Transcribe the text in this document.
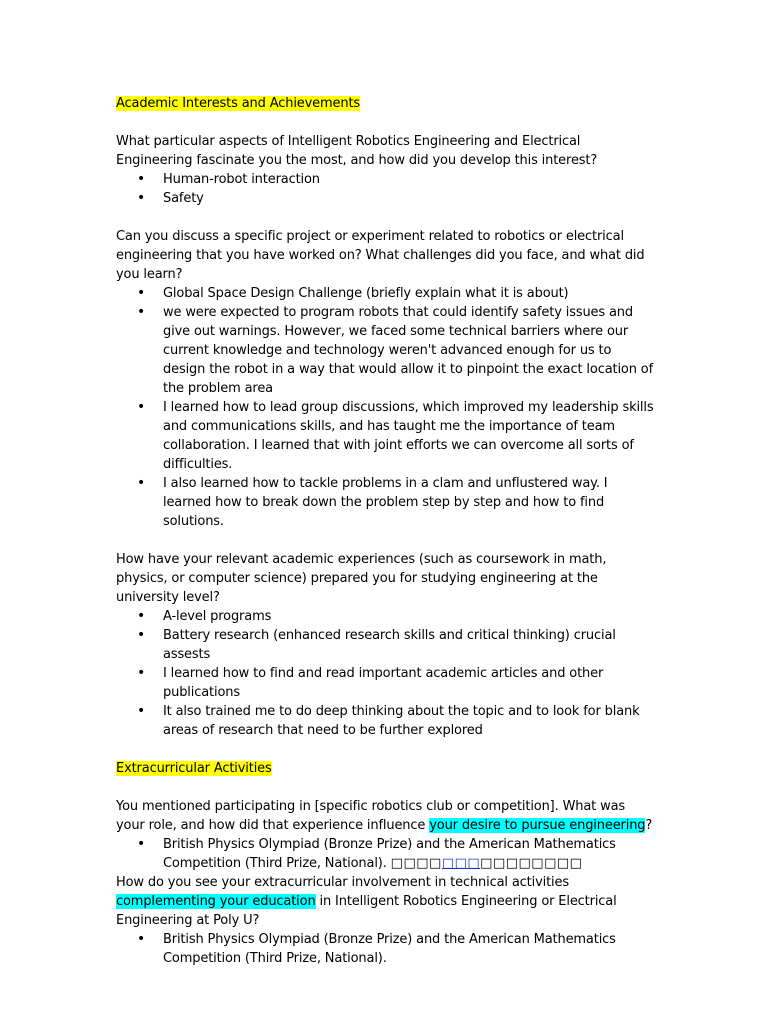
Academic Interests and Achievements

What particular aspects of Intelligent Robotics Engineering and Electrical Engineering fascinate you the most, and how did you develop this interest?

• Human-robot interaction
• Safety

Can you discuss a specific project or experiment related to robotics or electrical engineering that you have worked on? What challenges did you face, and what did you learn?

• Global Space Design Challenge (briefly explain what it is about)
• we were expected to program robots that could identify safety issues and give out warnings. However, we faced some technical barriers where our current knowledge and technology weren't advanced enough for us to design the robot in a way that would allow it to pinpoint the exact location of the problem area
• I learned how to lead group discussions, which improved my leadership skills and communications skills, and has taught me the importance of team collaboration. I learned that with joint efforts we can overcome all sorts of difficulties.
• I also learned how to tackle problems in a clam and unflustered way. I learned how to break down the problem step by step and how to find solutions.

How have your relevant academic experiences (such as coursework in math, physics, or computer science) prepared you for studying engineering at the university level?

• A-level programs
• Battery research (enhanced research skills and critical thinking) crucial assests
• I learned how to find and read important academic articles and other publications
• It also trained me to do deep thinking about the topic and to look for blank areas of research that need to be further explored

Extracurricular Activities

You mentioned participating in [specific robotics club or competition]. What was your role, and how did that experience influence your desire to pursue engineering?

• British Physics Olympiad (Bronze Prize) and the American Mathematics Competition (Third Prize, National). □□□□□□□□□□□□□□□

How do you see your extracurricular involvement in technical activities complementing your education in Intelligent Robotics Engineering or Electrical Engineering at Poly U?

• British Physics Olympiad (Bronze Prize) and the American Mathematics Competition (Third Prize, National).
